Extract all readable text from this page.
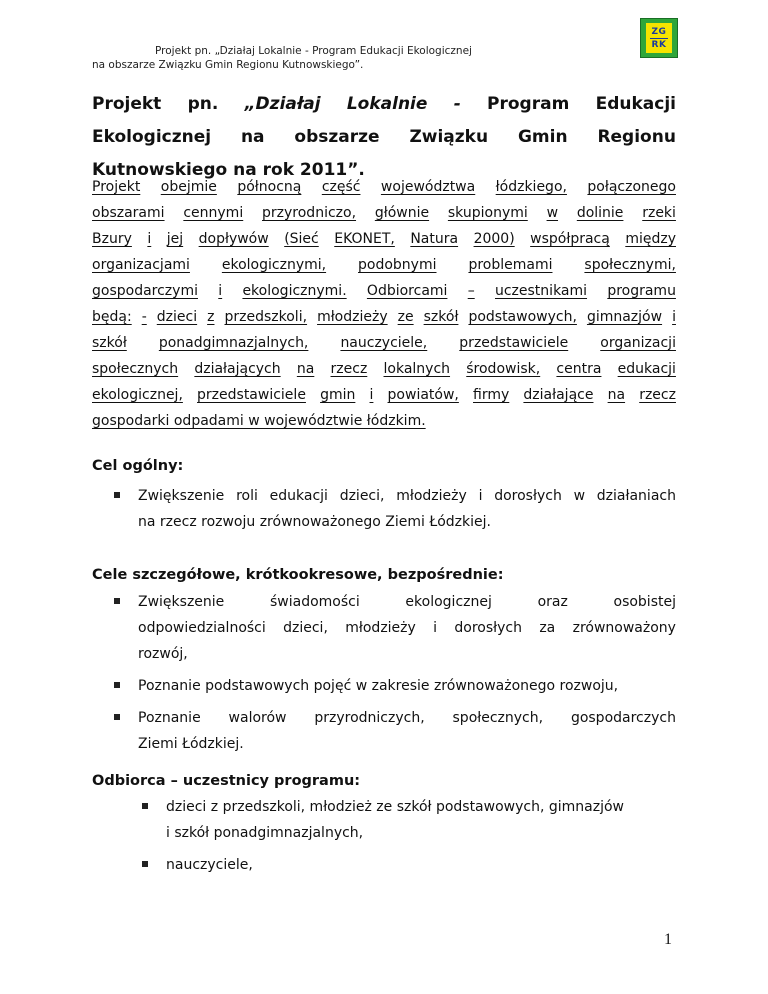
Projekt pn. „Działaj Lokalnie - Program Edukacji Ekologicznej
na obszarze Związku Gmin Regionu Kutnowskiego”.
ZG
RK
Projekt pn. „Działaj Lokalnie - Program Edukacji
Ekologicznej na obszarze Związku Gmin Regionu
Kutnowskiego na rok 2011”.
Projekt obejmie północną część województwa łódzkiego, połączonego
obszarami cennymi przyrodniczo, głównie skupionymi w dolinie rzeki
Bzury i jej dopływów (Sieć EKONET, Natura 2000) współpracą między
organizacjami ekologicznymi, podobnymi problemami społecznymi,
gospodarczymi i ekologicznymi. Odbiorcami – uczestnikami programu
będą: - dzieci z przedszkoli, młodzieży ze szkół podstawowych, gimnazjów i
szkół ponadgimnazjalnych, nauczyciele, przedstawiciele organizacji
społecznych działających na rzecz lokalnych środowisk, centra edukacji
ekologicznej, przedstawiciele gmin i powiatów, firmy działające na rzecz
gospodarki odpadami w województwie łódzkim.
Cel ogólny:
Zwiększenie roli edukacji dzieci, młodzieży i dorosłych w działaniach
na rzecz rozwoju zrównoważonego Ziemi Łódzkiej.
Cele szczegółowe, krótkookresowe, bezpośrednie:
Zwiększenie	świadomości	ekologicznej	oraz	osobistej
odpowiedzialności dzieci, młodzieży i dorosłych za zrównoważony
rozwój,
Poznanie podstawowych pojęć w zakresie zrównoważonego rozwoju,
Poznanie walorów przyrodniczych, społecznych, gospodarczych
Ziemi Łódzkiej.
Odbiorca – uczestnicy programu:
dzieci z przedszkoli, młodzież ze szkół podstawowych, gimnazjów
i szkół ponadgimnazjalnych,
nauczyciele,
1
